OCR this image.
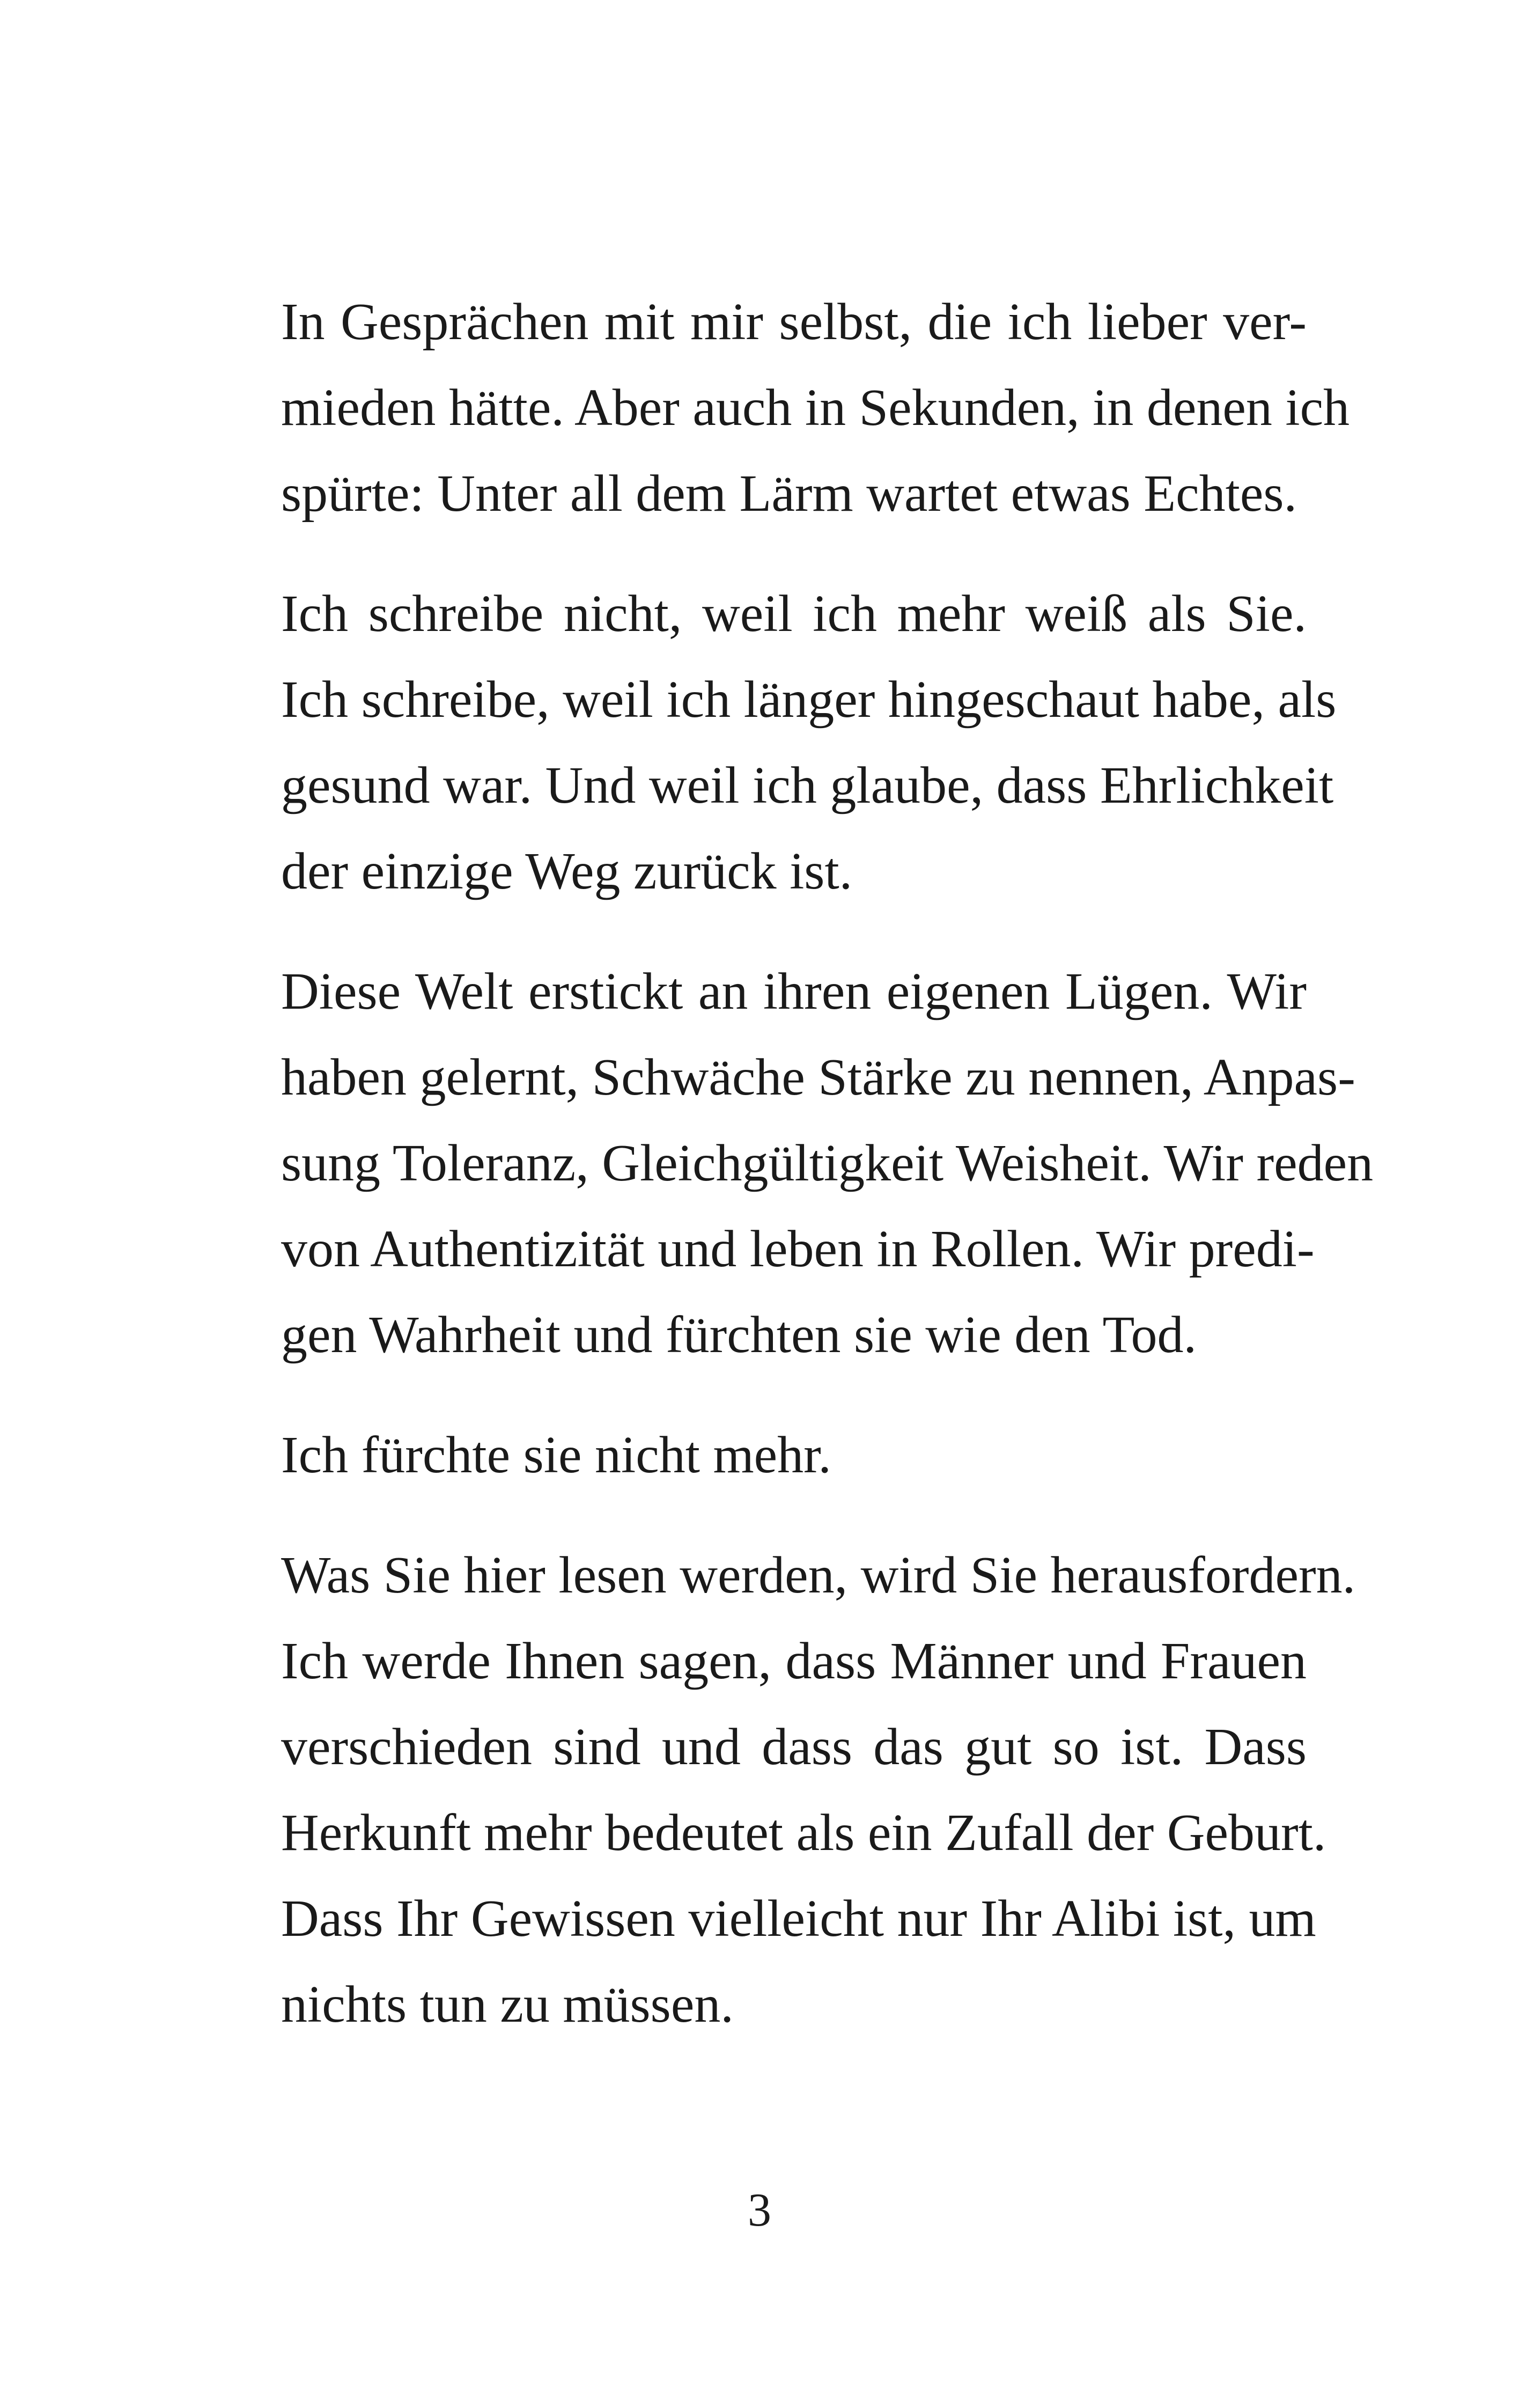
In Gesprächen mit mir selbst, die ich lieber ver-
mieden hätte. Aber auch in Sekunden, in denen ich
spürte: Unter all dem Lärm wartet etwas Echtes.

Ich schreibe nicht, weil ich mehr weiß als Sie.
Ich schreibe, weil ich länger hingeschaut habe, als
gesund war. Und weil ich glaube, dass Ehrlichkeit
der einzige Weg zurück ist.

Diese Welt erstickt an ihren eigenen Lügen. Wir
haben gelernt, Schwäche Stärke zu nennen, Anpas-
sung Toleranz, Gleichgültigkeit Weisheit. Wir reden
von Authentizität und leben in Rollen. Wir predi-
gen Wahrheit und fürchten sie wie den Tod.

Ich fürchte sie nicht mehr.

Was Sie hier lesen werden, wird Sie herausfordern.
Ich werde Ihnen sagen, dass Männer und Frauen
verschieden sind und dass das gut so ist. Dass
Herkunft mehr bedeutet als ein Zufall der Geburt.
Dass Ihr Gewissen vielleicht nur Ihr Alibi ist, um
nichts tun zu müssen.

3
